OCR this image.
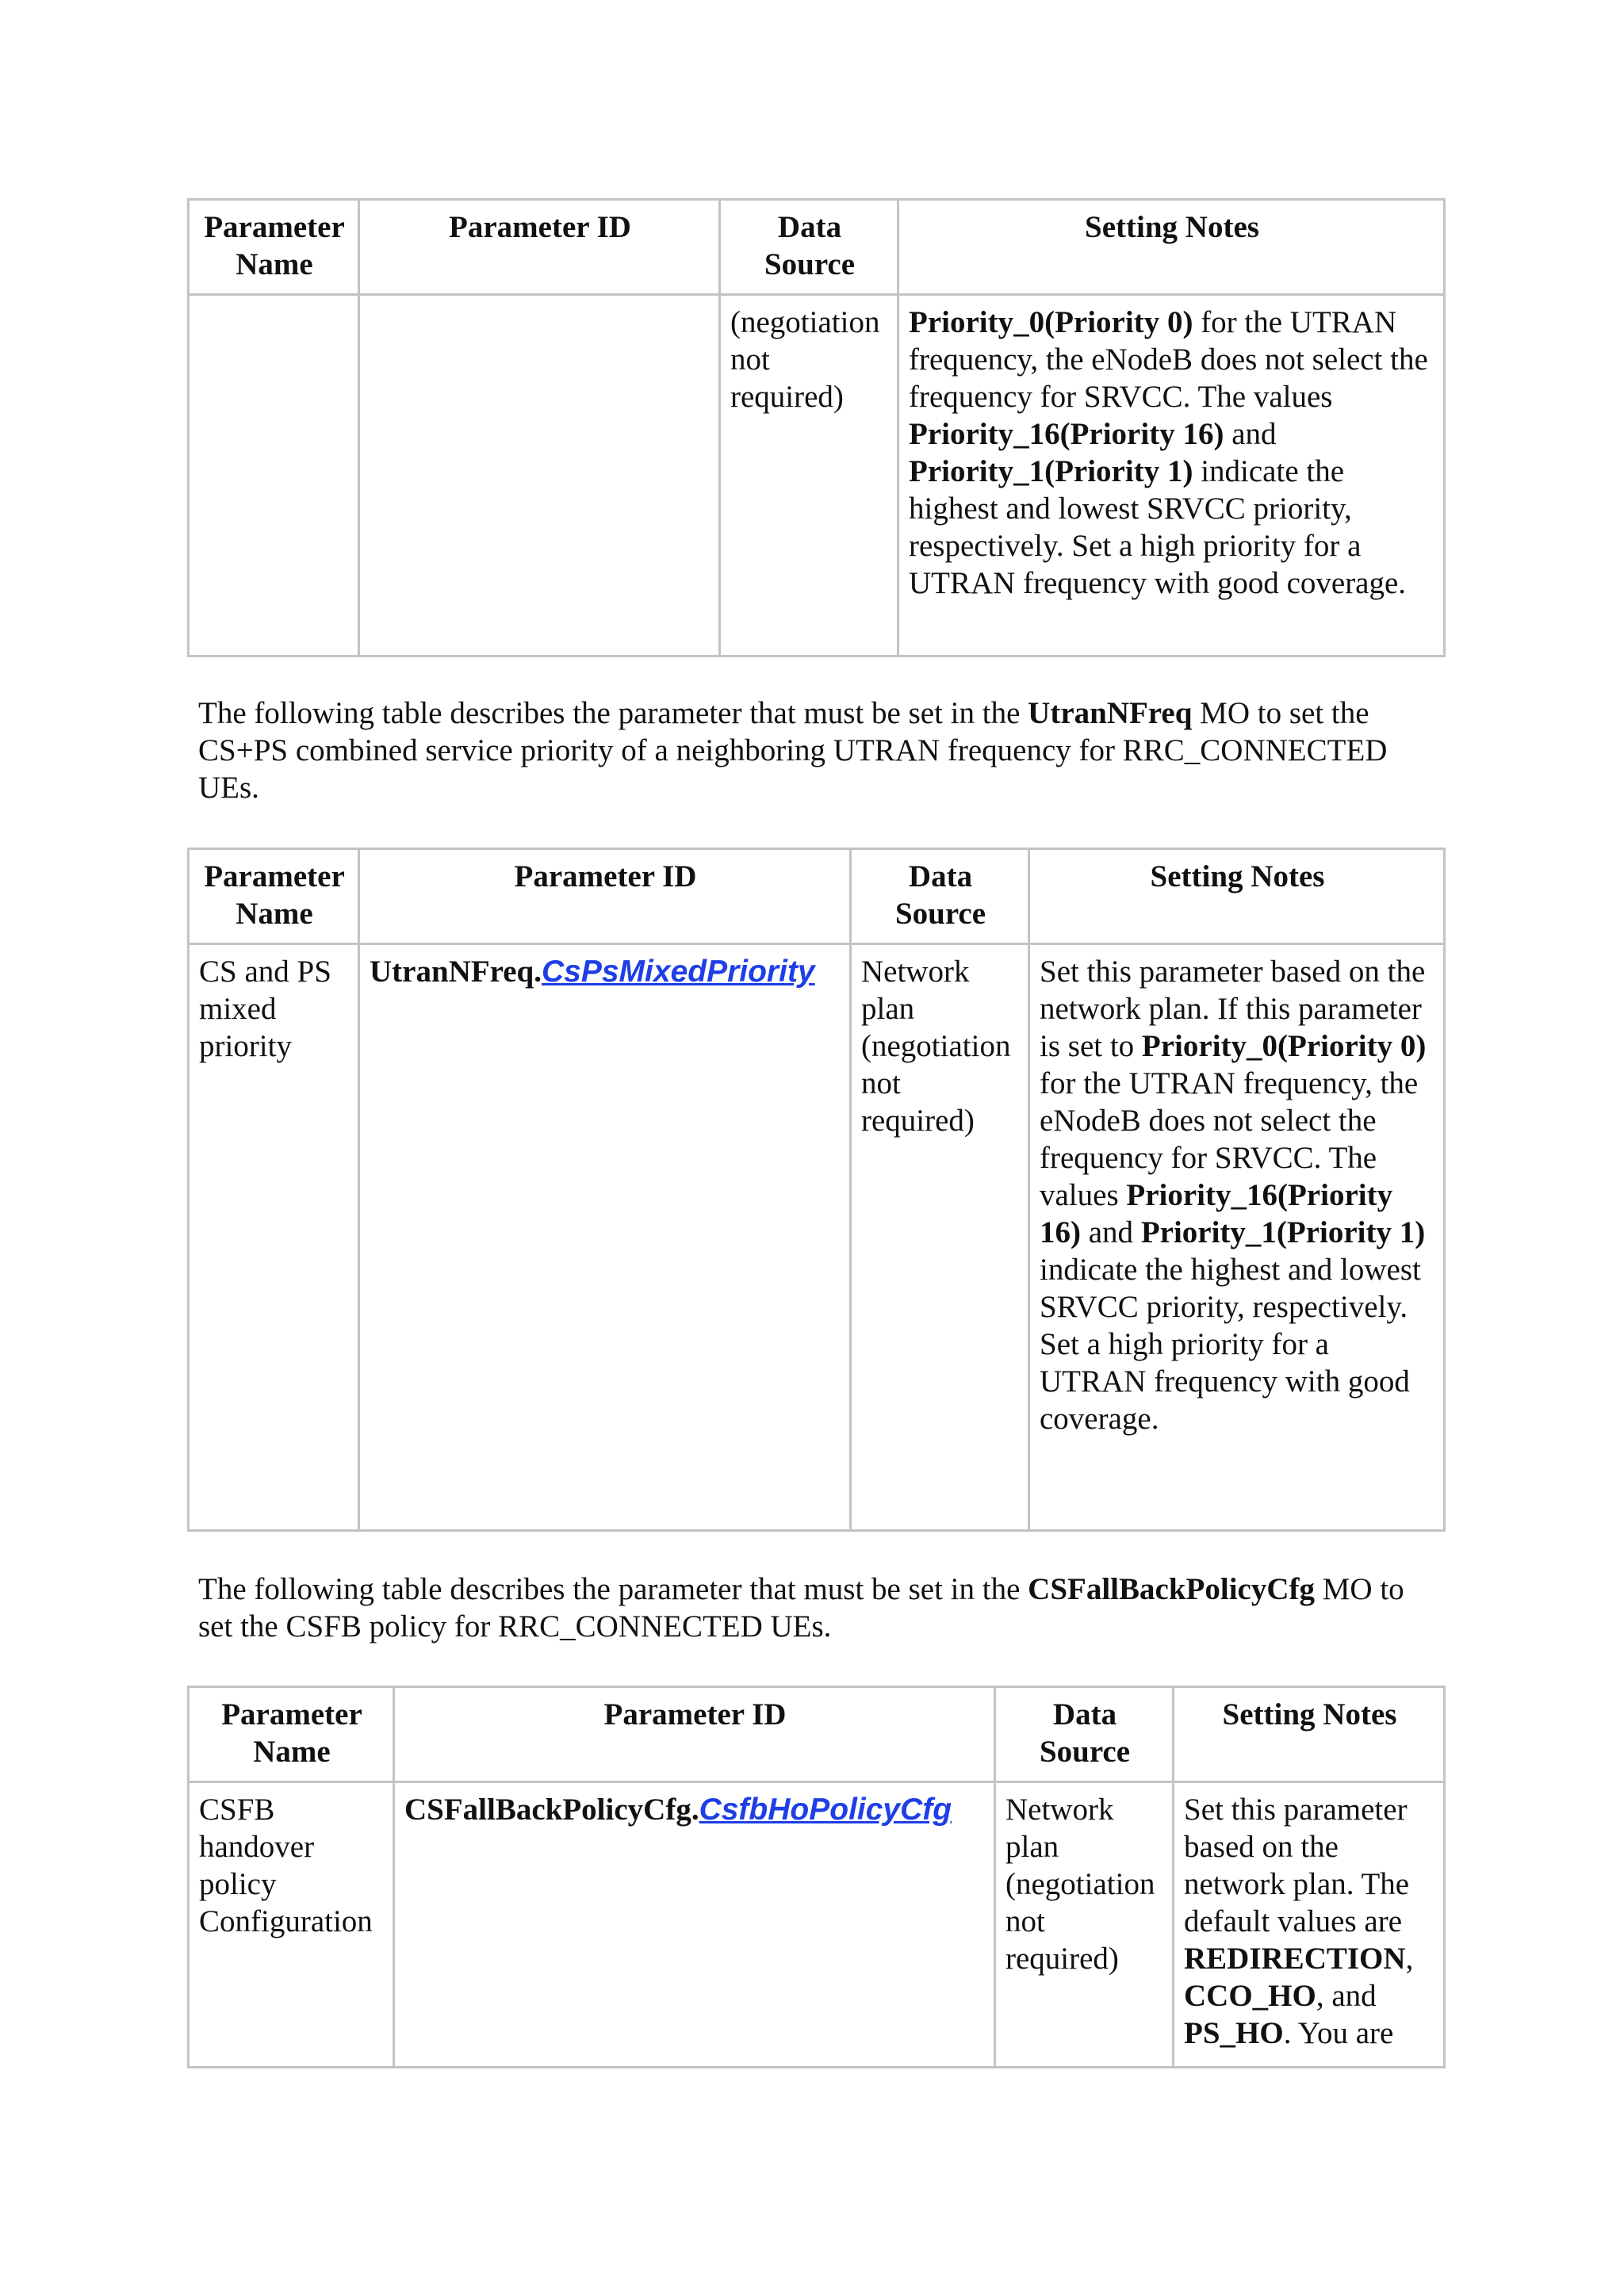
Parameter Name	Parameter ID	Data Source	Setting Notes
		(negotiation not required)	Priority_0(Priority 0) for the UTRAN frequency, the eNodeB does not select the frequency for SRVCC. The values Priority_16(Priority 16) and Priority_1(Priority 1) indicate the highest and lowest SRVCC priority, respectively. Set a high priority for a UTRAN frequency with good coverage.

The following table describes the parameter that must be set in the UtranNFreq MO to set the CS+PS combined service priority of a neighboring UTRAN frequency for RRC_CONNECTED UEs.

Parameter Name	Parameter ID	Data Source	Setting Notes
CS and PS mixed priority	UtranNFreq.CsPsMixedPriority	Network plan (negotiation not required)	Set this parameter based on the network plan. If this parameter is set to Priority_0(Priority 0) for the UTRAN frequency, the eNodeB does not select the frequency for SRVCC. The values Priority_16(Priority 16) and Priority_1(Priority 1) indicate the highest and lowest SRVCC priority, respectively. Set a high priority for a UTRAN frequency with good coverage.

The following table describes the parameter that must be set in the CSFallBackPolicyCfg MO to set the CSFB policy for RRC_CONNECTED UEs.

Parameter Name	Parameter ID	Data Source	Setting Notes
CSFB handover policy Configuration	CSFallBackPolicyCfg.CsfbHoPolicyCfg	Network plan (negotiation not required)	Set this parameter based on the network plan. The default values are REDIRECTION, CCO_HO, and PS_HO. You are
